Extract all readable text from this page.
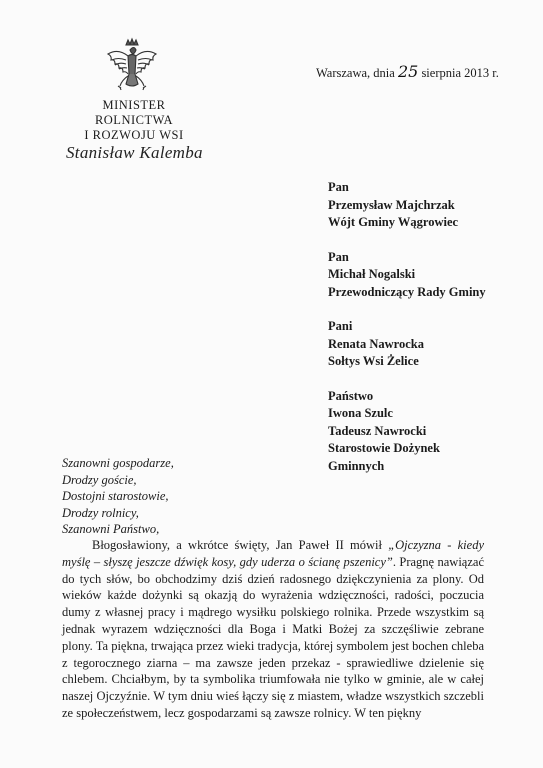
MINISTER ROLNICTWA
I ROZWOJU WSI
Stanisław Kalemba
Warszawa, dnia 25 sierpnia 2013 r.
Pan
Przemysław Majchrzak
Wójt Gminy Wągrowiec
Pan
Michał Nogalski
Przewodniczący Rady Gminy
Pani
Renata Nawrocka
Sołtys Wsi Żelice
Państwo
Iwona Szulc
Tadeusz Nawrocki
Starostowie Dożynek
Gminnych
Szanowni gospodarze,
Drodzy goście,
Dostojni starostowie,
Drodzy rolnicy,
Szanowni Państwo,

Błogosławiony, a wkrótce święty, Jan Paweł II mówił „Ojczyzna - kiedy myślę – słyszę jeszcze dźwięk kosy, gdy uderza o ścianę pszenicy”. Pragnę nawiązać do tych słów, bo obchodzimy dziś dzień radosnego dziękczynienia za plony. Od wieków każde dożynki są okazją do wyrażenia wdzięczności, radości, poczucia dumy z własnej pracy i mądrego wysiłku polskiego rolnika. Przede wszystkim są jednak wyrazem wdzięczności dla Boga i Matki Bożej za szczęśliwie zebrane plony. Ta piękna, trwająca przez wieki tradycja, której symbolem jest bochen chleba z tegorocznego ziarna – ma zawsze jeden przekaz - sprawiedliwe dzielenie się chlebem. Chciałbym, by ta symbolika triumfowała nie tylko w gminie, ale w całej naszej Ojczyźnie. W tym dniu wieś łączy się z miastem, władze wszystkich szczebli ze społeczeństwem, lecz gospodarzami są zawsze rolnicy. W ten piękny
